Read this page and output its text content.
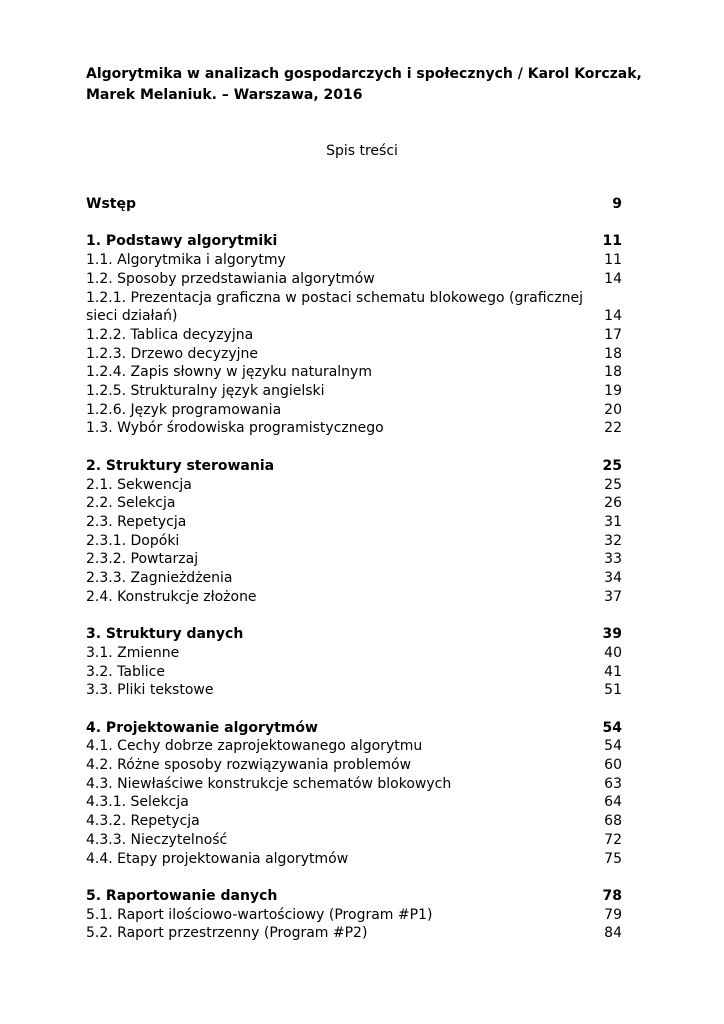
Algorytmika w analizach gospodarczych i społecznych / Karol Korczak,
Marek Melaniuk. – Warszawa, 2016
Spis treści
Wstęp	9
1. Podstawy algorytmiki	11
1.1. Algorytmika i algorytmy	11
1.2. Sposoby przedstawiania algorytmów	14
1.2.1. Prezentacja graficzna w postaci schematu blokowego (graficznej
sieci działań)	14
1.2.2. Tablica decyzyjna	17
1.2.3. Drzewo decyzyjne	18
1.2.4. Zapis słowny w języku naturalnym	18
1.2.5. Strukturalny język angielski	19
1.2.6. Język programowania	20
1.3. Wybór środowiska programistycznego	22
2. Struktury sterowania	25
2.1. Sekwencja	25
2.2. Selekcja	26
2.3. Repetycja	31
2.3.1. Dopóki	32
2.3.2. Powtarzaj	33
2.3.3. Zagnieżdżenia	34
2.4. Konstrukcje złożone	37
3. Struktury danych	39
3.1. Zmienne	40
3.2. Tablice	41
3.3. Pliki tekstowe	51
4. Projektowanie algorytmów	54
4.1. Cechy dobrze zaprojektowanego algorytmu	54
4.2. Różne sposoby rozwiązywania problemów	60
4.3. Niewłaściwe konstrukcje schematów blokowych	63
4.3.1. Selekcja	64
4.3.2. Repetycja	68
4.3.3. Nieczytelność	72
4.4. Etapy projektowania algorytmów	75
5. Raportowanie danych	78
5.1. Raport ilościowo-wartościowy (Program #P1)	79
5.2. Raport przestrzenny (Program #P2)	84
